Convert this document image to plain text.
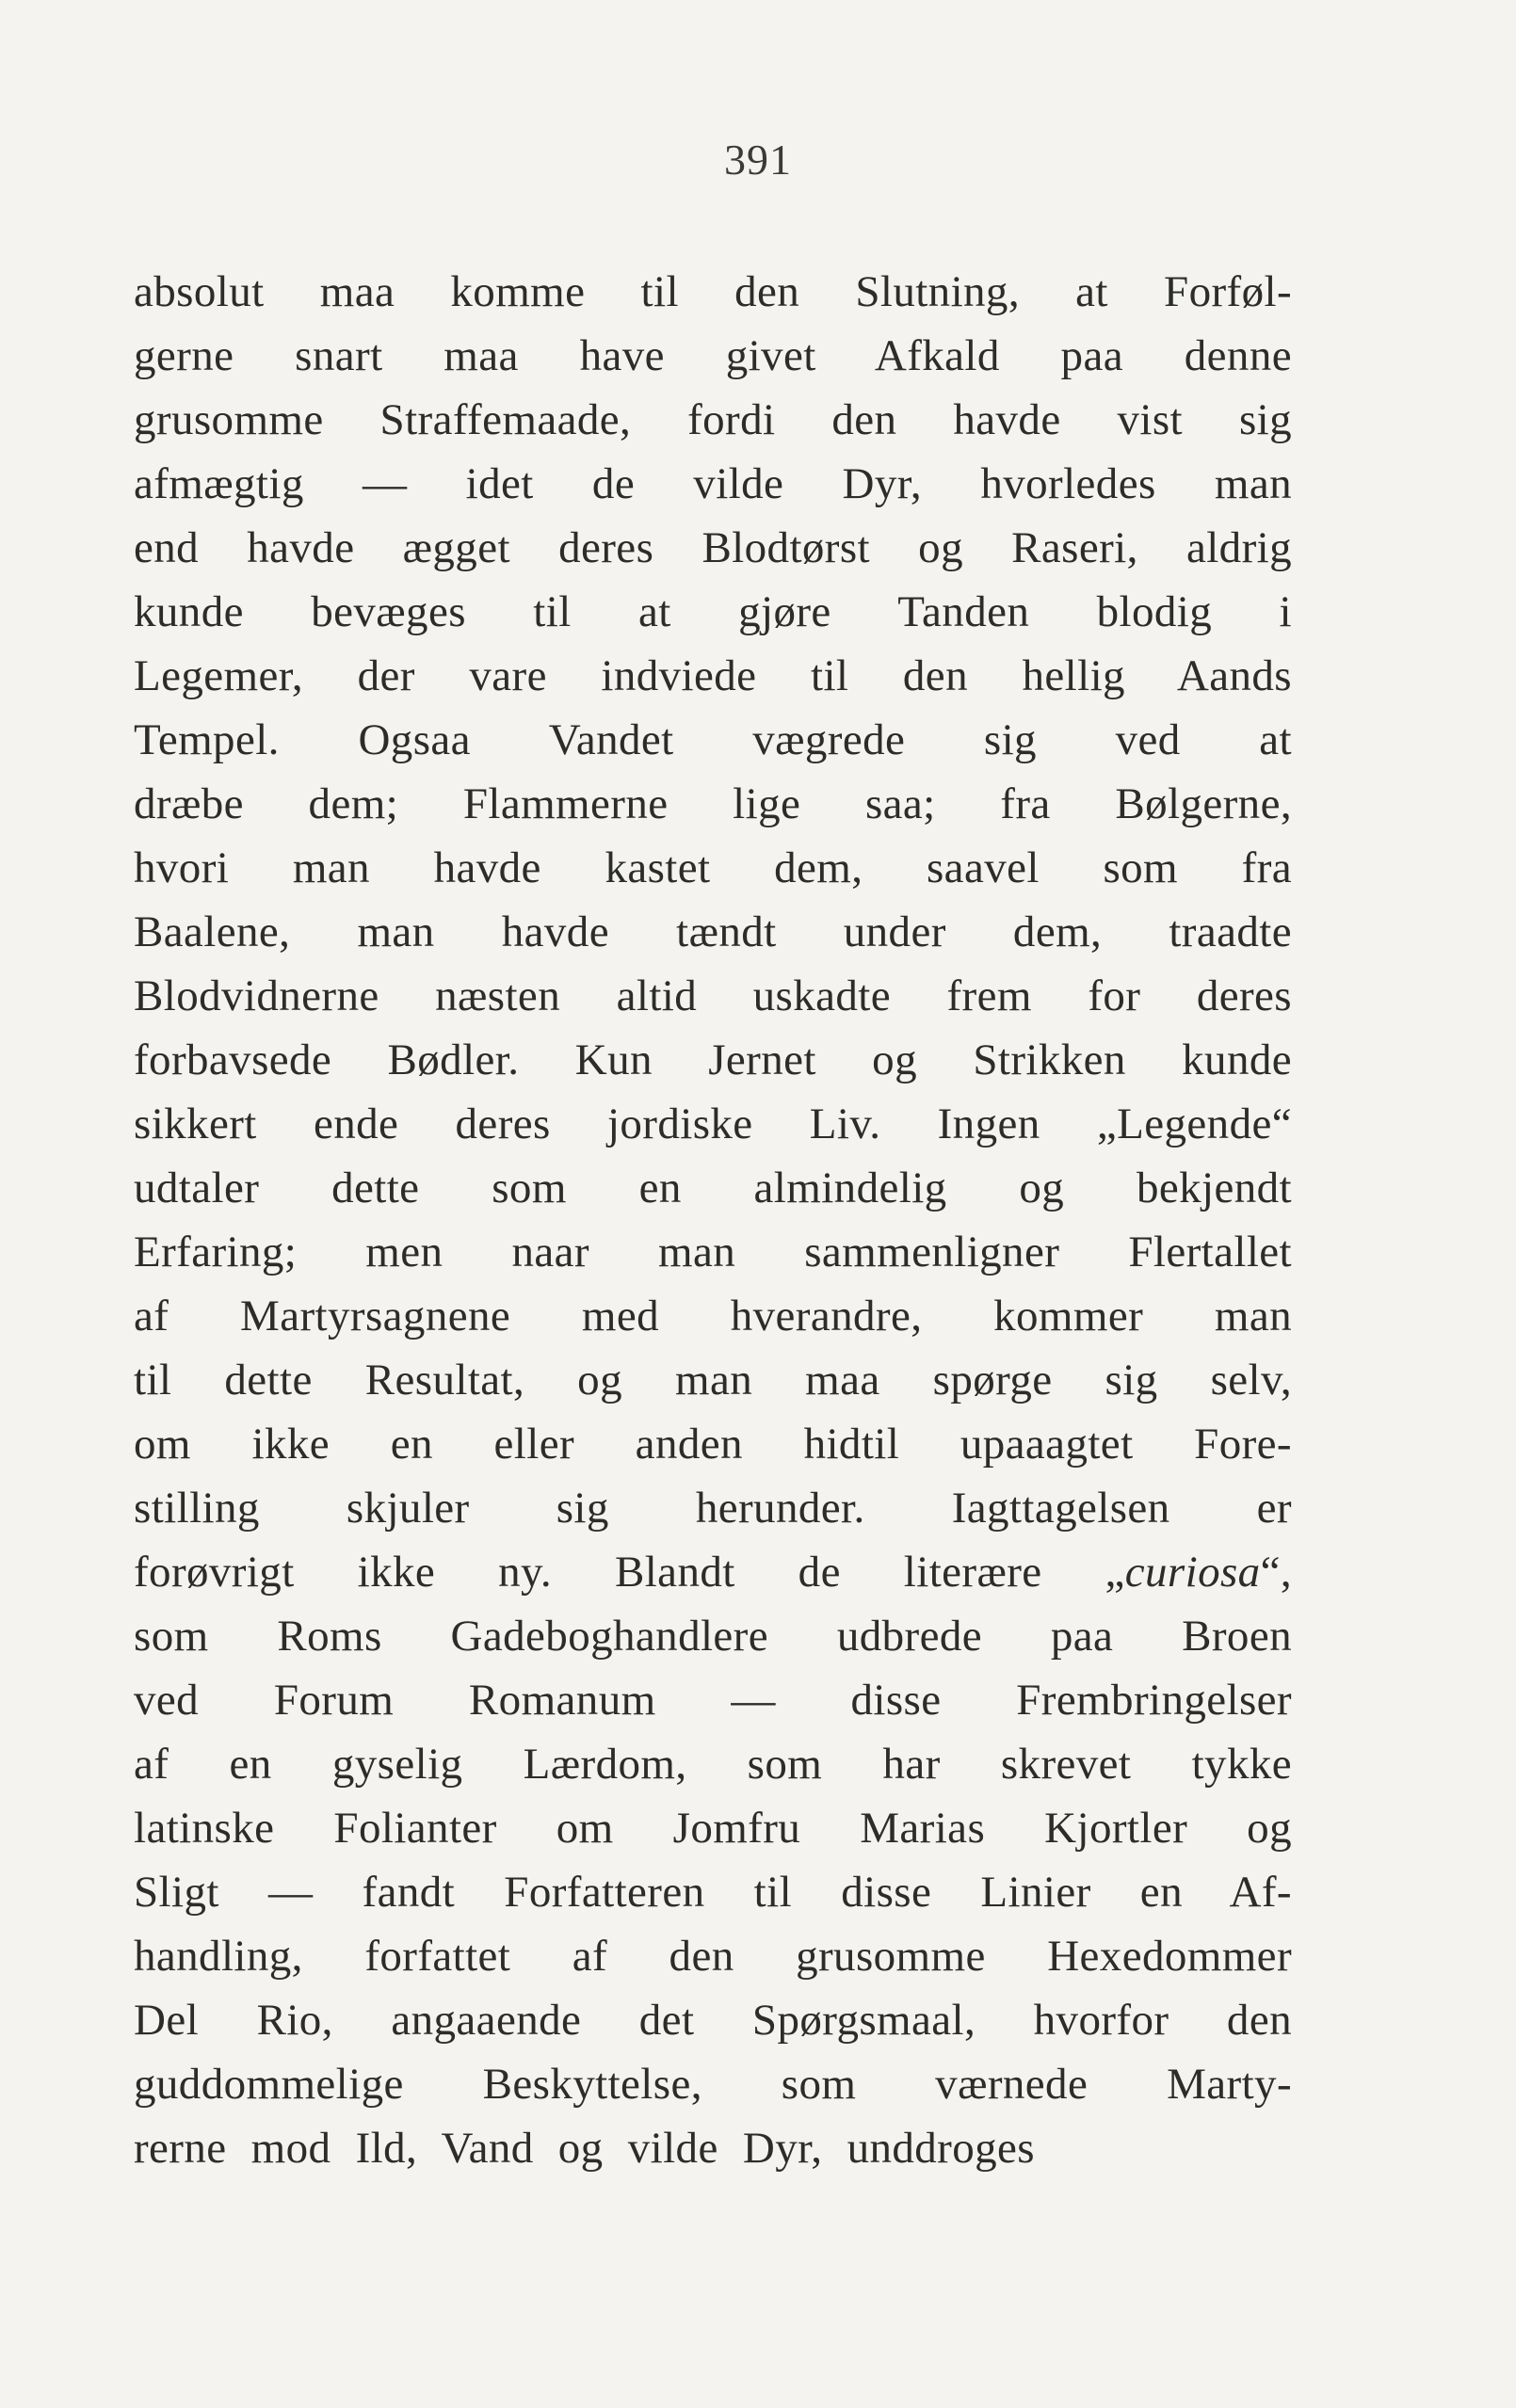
391
absolut maa komme til den Slutning, at Forføl-
gerne snart maa have givet Afkald paa denne
grusomme Straffemaade, fordi den havde vist sig
afmægtig — idet de vilde Dyr, hvorledes man
end havde ægget deres Blodtørst og Raseri, aldrig
kunde bevæges til at gjøre Tanden blodig i
Legemer, der vare indviede til den hellig Aands
Tempel. Ogsaa Vandet vægrede sig ved at
dræbe dem; Flammerne lige saa; fra Bølgerne,
hvori man havde kastet dem, saavel som fra
Baalene, man havde tændt under dem, traadte
Blodvidnerne næsten altid uskadte frem for deres
forbavsede Bødler. Kun Jernet og Strikken kunde
sikkert ende deres jordiske Liv. Ingen „Legende“
udtaler dette som en almindelig og bekjendt
Erfaring; men naar man sammenligner Flertallet
af Martyrsagnene med hverandre, kommer man
til dette Resultat, og man maa spørge sig selv,
om ikke en eller anden hidtil upaaagtet Fore-
stilling skjuler sig herunder. Iagttagelsen er
forøvrigt ikke ny. Blandt de literære „curiosa“,
som Roms Gadeboghandlere udbrede paa Broen
ved Forum Romanum — disse Frembringelser
af en gyselig Lærdom, som har skrevet tykke
latinske Folianter om Jomfru Marias Kjortler og
Sligt — fandt Forfatteren til disse Linier en Af-
handling, forfattet af den grusomme Hexedommer
Del Rio, angaaende det Spørgsmaal, hvorfor den
guddommelige Beskyttelse, som værnede Marty-
rerne mod Ild, Vand og vilde Dyr, unddroges
